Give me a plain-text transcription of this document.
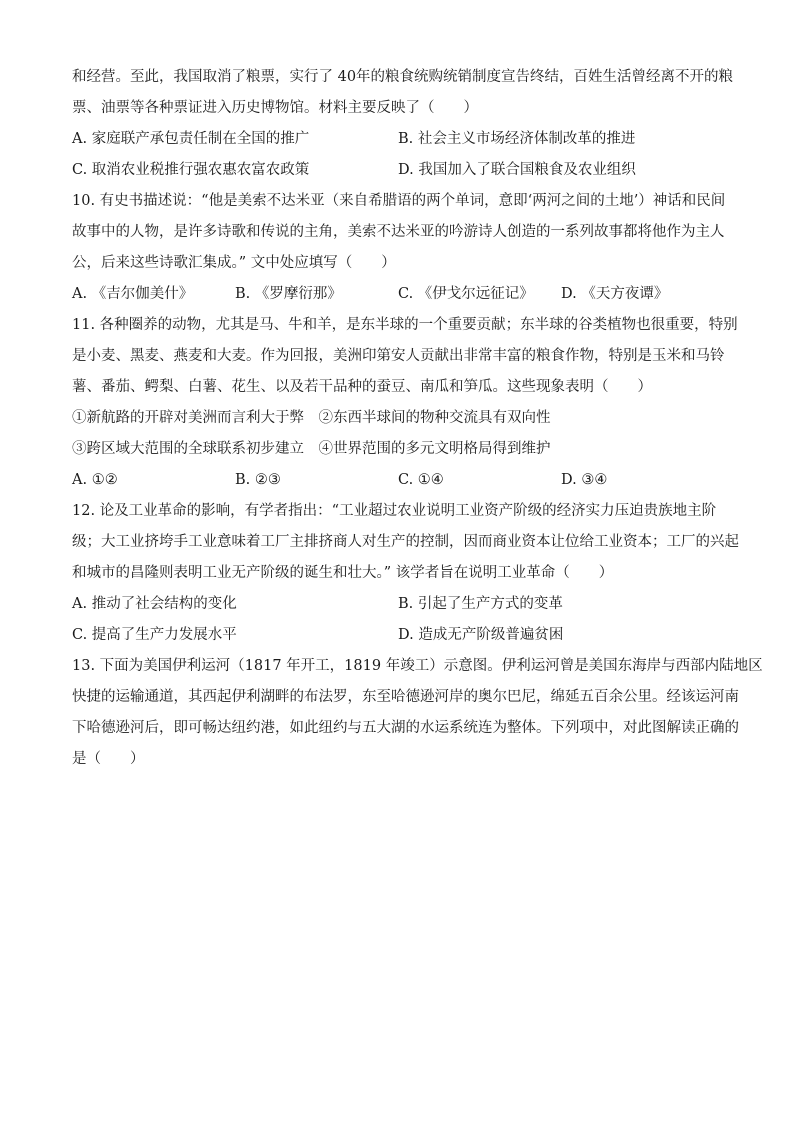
和经营。至此，我国取消了粮票，实行了 40年的粮食统购统销制度宣告终结，百姓生活曾经离不开的粮
票、油票等各种票证进入历史博物馆。材料主要反映了（　　）
A. 家庭联产承包责任制在全国的推广	B. 社会主义市场经济体制改革的推进
C. 取消农业税推行强农惠农富农政策	D. 我国加入了联合国粮食及农业组织
10. 有史书描述说：“他是美索不达米亚（来自希腊语的两个单词，意即‘两河之间的土地’）神话和民间
故事中的人物，是许多诗歌和传说的主角，美索不达米亚的吟游诗人创造的一系列故事都将他作为主人
公，后来这些诗歌汇集成。” 文中处应填写（　　）
A. 《吉尔伽美什》	B. 《罗摩衍那》	C. 《伊戈尔远征记》	D. 《天方夜谭》
11. 各种圈养的动物，尤其是马、牛和羊，是东半球的一个重要贡献；东半球的谷类植物也很重要，特别
是小麦、黑麦、燕麦和大麦。作为回报，美洲印第安人贡献出非常丰富的粮食作物，特别是玉米和马铃
薯、番茄、鳄梨、白薯、花生、以及若干品种的蚕豆、南瓜和笋瓜。这些现象表明（　　）
①新航路的开辟对美洲而言利大于弊　②东西半球间的物种交流具有双向性
③跨区域大范围的全球联系初步建立　④世界范围的多元文明格局得到维护
A. ①②	B. ②③	C. ①④	D. ③④
12. 论及工业革命的影响，有学者指出：“工业超过农业说明工业资产阶级的经济实力压迫贵族地主阶
级；大工业挤垮手工业意味着工厂主排挤商人对生产的控制，因而商业资本让位给工业资本；工厂的兴起
和城市的昌隆则表明工业无产阶级的诞生和壮大。” 该学者旨在说明工业革命（　　）
A. 推动了社会结构的变化	B. 引起了生产方式的变革
C. 提高了生产力发展水平	D. 造成无产阶级普遍贫困
13. 下面为美国伊利运河（1817 年开工，1819 年竣工）示意图。伊利运河曾是美国东海岸与西部内陆地区
快捷的运输通道，其西起伊利湖畔的布法罗，东至哈德逊河岸的奥尔巴尼，绵延五百余公里。经该运河南
下哈德逊河后，即可畅达纽约港，如此纽约与五大湖的水运系统连为整体。下列项中，对此图解读正确的
是（　　）
